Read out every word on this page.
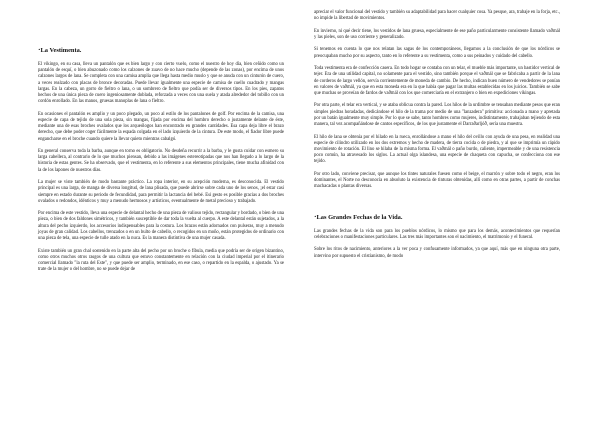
·La Vestimenta.

El vikingo, en su casa, lleva un pantalón que es bien largo y con cierto vuelo, como el nuestro de hoy día, bien ceñido como un pantalón de esquí, o bien abuzonado como los calzones de zuavo de no hace mucho (depende de las zonas), por encima de unos calzones largos de lana. Se completa con una camisa amplia que llega hasta medio muslo y que se anuda con un cinturón de cuero, a veces realzado con placas de bronce decoradas. Puede llevar igualmente una especie de camisa de cuello cuadrado y mangas largas. En la cabeza, un gorro de fieltro o lana, o un sombrero de fieltro que podía ser de diversos tipos. En los pies, zapatos hechos de una única pieza de cuero ingeniosamente doblada, reforzada a veces con una suela y atada alrededor del tobillo con un cordón enrollado. En las manos, gruesas manoplas de lana o fieltro.

En ocasiones el pantalón es amplio y un poco plegado, un poco al estilo de los pantalones de golf. Por encima de la camisa, una especie de capa de tejido de una sola pieza, sin mangas, fijada por encima del hombro derecho o justamente delante de éste, mediante una de esas broches ovalados que los arqueólogos han encontrado en grandes cantidades. Esa capa deja libre el brazo derecho, que debe poder coger fácilmente la espada colgada en el lado izquierdo de la cintura. De este modo, el fiador libre puede engancharse en el broche cuando quiere la llevar quieto mientras cabalgó.

En general conserva toda la barba, aunque en torno es obligatorio. No desdeña recurrir a la barba, y le gusta cuidar con esmero su larga cabellera, al contrario de lo que muchos piensan, debido a las imágenes estereotipadas que nos han llegado a lo largo de la historia de estas gentes. Se ha observado, que el vestimenta, en lo referente a sus elementos principales, tiene mucha afinidad con la de los lapones de nuestros días.

La mujer se viste también de modo bastante práctico. La ropa interior, en su acepción moderna, es desconocida. El vestido principal es una larga, de manga de diversa longitud, de lana plisada, que puede abrirse sobre cada uno de los senos, ¡el estar casi siempre en estado durante su periodo de fecundidad, para permitir la lactancia del bebé. Esi gesto es posible gracias a dos broches ovalados o redondos, idénticos y muy a menudo hermosos y artísticos, eventualmente de metal precioso y trabajado.

Por encima de este vestido, lleva una especie de delantal hecho de una pieza de valioso tejido, rectangular y bordado, o bien de una pieza, o bien de dos faldones simétricos, y también susceptible de dar toda la vuelta al cuerpo. A este delantal están sujetados, a la altura del pecho izquierdo, los accesorios indispensables para la costura. Los brazos están adornados con pulseras, muy a menudo joyas de gran calidad. Los cabellos, trenzados o en un bulto de cabello, o recogidos en un moño, están protegidos de ordinario con una pieza de tela, una especie de tulle atado en la nuca. Es la manera distintiva de una mujer casada.

Existe también un gran chal sostenido en la parte alta del pecho por un broche o fíbula, media que podría ser de origen bizantino, como otros muchos otros rasgos de una cultura que estuvo constantemente en relación con la ciudad imperial por el itinerario comercial llamado "la ruta del Este", y que puede ser amplio, terminado, en ese caso, o repartido en la espalda, o ajustado. Ya se trate de la mujer o del hombre, no se puede dejar de

apreciar el valor funcional del vestido y también su adaptabilidad para hacer cualquier cosa. Ya pesque, ara, trabaje en la forja, etc., no impide la libertad de movimientos.

En invierno, ni qué decir tiene, los vestidos de lana gruesa, especialmente de ese paño particularmente consistente llamado vaðmál y las pieles, son de uso corriente y generalizado.

Si tenemos en cuenta lo que nos relatan las sagas de los contemporáneos, llegamos a la conclusión de que los nórdicos se preocupaban mucho por su aspecto, tanto en lo referente a su vestimenta, como a sus peinados y cuidado del cabello.

Toda vestimenta era de confección casera. En todo hogar se contaba con un telar, el mueble más importante, un bastidor vertical de tejer. Era de una utilidad capital, no solamente para el vestido, sino también porque el vaðmál que se fabricaba a partir de la lana de corderos de largo vellón, servía corrientemente de moneda de cambio. De hecho, indican buen número de vendedores se ponían en valores de vaðmál, ya que en esta moneda era en la que había que pagar las multas establecidas en los juicios. También se sabe que muchas se proveían de fardos de vaðmál con los que comerciaría en el extranjero o bien en expediciones vikingas.

Por otra parte, el telar era vertical, y se ataba oblicua contra la pared. Los hilos de la urdimbre se tensaban mediante pesos que eran simples piedras horadadas, dedicándose el hilo de la trama por medio de una "lanzadera" primitiva: accionada a mano y apretada por un batán igualmente muy simple. Por lo que se sabe, tanto hombres como mujeres, indistintamente, trabajaban tejiendo de esta manera, tal vez acompañándose de cantos específicos, de los que justamente el Darraðarljóð, sería una muestra.

El hilo de lana se obtenía por el hilado en la rueca, enrollándose a mano el hilo del ovillo con ayuda de una pesa, en realidad una especie de cilindro utilizado en los dos extremos y hecho de madera, de tierra cocida o de piedra, y al que se imprimía un rápido movimiento de rotación. El lino se hilaba de la misma forma. El vaðmál o paño burdo, caliente, impermeable y de una resistencia poco común, ha atravesado los siglos. La actual olga islandesa, una especie de chaqueta con capucha, se confecciona con ese tejido.

Por otro lado, conviene precisar, que aunque los tintes naturales fuesen como el beige, el marrón y sobre todo el negro, eran los dominantes, el Norte no desconocía en absoluto la existencia de tinturas obtenidas, allí como en otras partes, a partir de conchas machacadas o plantas diversas.

·Las Grandes Fechas de la Vida.

Las grandes fechas de la vida son para los pueblos nórdicos, lo mismo que para los demás, acontecimientos que requerían celebraciones o manifestaciones particulares. Las tres más importantes son el nacimiento, el matrimonio y el funeral.

Sobre los ritos de nacimiento, anteriores a la ver poca y confusamente informados, ya que aquí, más que en ninguna otra parte, intervino por supuesto el cristianismo, de modo
